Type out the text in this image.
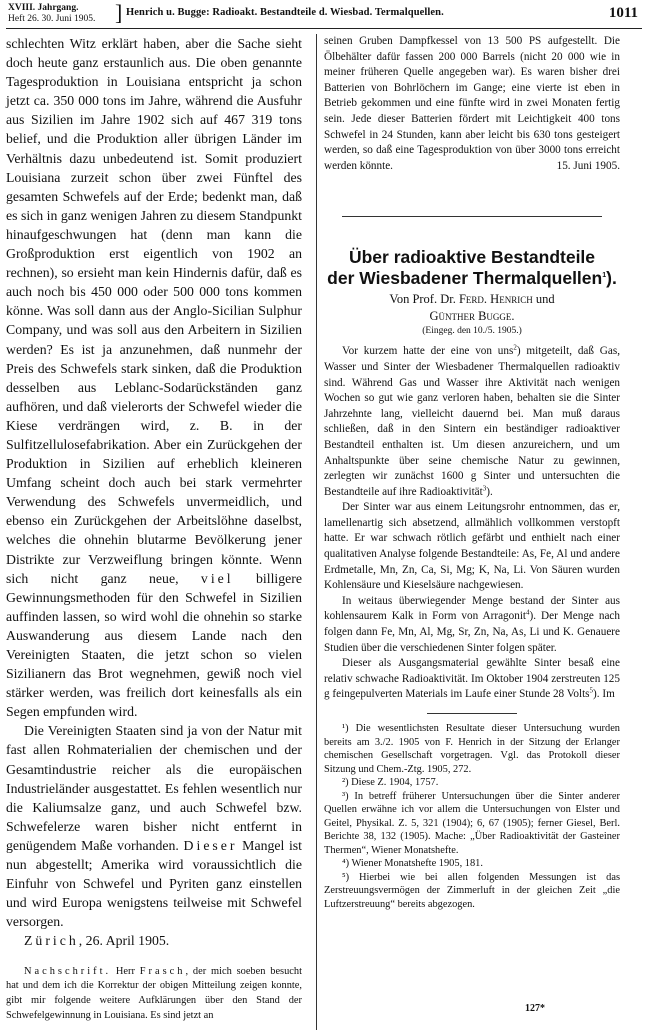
XVIII. Jahrgang.
Heft 26. 30. Juni 1905. ] Henrich u. Bugge: Radioakt. Bestandteile d. Wiesbad. Termalquellen.	1011

schlechten Witz erklärt haben, aber die Sache sieht doch heute ganz erstaunlich aus. Die oben genannte Tagesproduktion in Louisiana entspricht ja schon jetzt ca. 350 000 tons im Jahre, während die Ausfuhr aus Sizilien im Jahre 1902 sich auf 467 319 tons belief, und die Produktion aller übrigen Länder im Verhältnis dazu unbedeutend ist. Somit produziert Louisiana zurzeit schon über zwei Fünftel des gesamten Schwefels auf der Erde; bedenkt man, daß es sich in ganz wenigen Jahren zu diesem Standpunkt hinaufgeschwungen hat (denn man kann die Großproduktion erst eigentlich von 1902 an rechnen), so ersieht man kein Hindernis dafür, daß es auch noch bis 450 000 oder 500 000 tons kommen könne. Was soll dann aus der Anglo-Sicilian Sulphur Company, und was soll aus den Arbeitern in Sizilien werden? Es ist ja anzunehmen, daß nunmehr der Preis des Schwefels stark sinken, daß die Produktion desselben aus Leblanc-Sodarückständen ganz aufhören, und daß vielerorts der Schwefel wieder die Kiese verdrängen wird, z. B. in der Sulfitzellulosefabrikation. Aber ein Zurückgehen der Produktion in Sizilien auf erheblich kleineren Umfang scheint doch auch bei stark vermehrter Verwendung des Schwefels unvermeidlich, und ebenso ein Zurückgehen der Arbeitslöhne daselbst, welches die ohnehin blutarme Bevölkerung jener Distrikte zur Verzweiflung bringen könnte. Wenn sich nicht ganz neue, viel billigere Gewinnungsmethoden für den Schwefel in Sizilien auffinden lassen, so wird wohl die ohnehin so starke Auswanderung aus diesem Lande nach den Vereinigten Staaten, die jetzt schon so vielen Sizilianern das Brot wegnehmen, gewiß noch viel stärker werden, was freilich dort keinesfalls als ein Segen empfunden wird.

Die Vereinigten Staaten sind ja von der Natur mit fast allen Rohmaterialien der chemischen und der Gesamtindustrie reicher als die europäischen Industrieländer ausgestattet. Es fehlen wesentlich nur die Kaliumsalze ganz, und auch Schwefel bzw. Schwefelerze waren bisher nicht entfernt in genügendem Maße vorhanden. Dieser Mangel ist nun abgestellt; Amerika wird voraussichtlich die Einfuhr von Schwefel und Pyriten ganz einstellen und wird Europa wenigstens teilweise mit Schwefel versorgen.

Zürich, 26. April 1905.

Nachschrift. Herr Frasch, der mich soeben besucht hat und dem ich die Korrektur der obigen Mitteilung zeigen konnte, gibt mir folgende weitere Aufklärungen über den Stand der Schwefelgewinnung in Louisiana. Es sind jetzt an

seinen Gruben Dampfkessel von 13 500 PS aufgestellt. Die Ölbehälter dafür fassen 200 000 Barrels (nicht 20 000 wie in meiner früheren Quelle angegeben war). Es waren bisher drei Batterien von Bohrlöchern im Gange; eine vierte ist eben in Betrieb gekommen und eine fünfte wird in zwei Monaten fertig sein. Jede dieser Batterien fördert mit Leichtigkeit 400 tons Schwefel in 24 Stunden, kann aber leicht bis 630 tons gesteigert werden, so daß eine Tagesproduktion von über 3000 tons erreicht werden könnte.	15. Juni 1905.

Über radioaktive Bestandteile
der Wiesbadener Thermalquellen$^1$).
Von Prof. Dr. Ferd. Henrich und
Günther Bugge.
(Eingeg. den 10./5. 1905.)

Vor kurzem hatte der eine von uns$^2$) mitgeteilt, daß Gas, Wasser und Sinter der Wiesbadener Thermalquellen radioaktiv sind. Während Gas und Wasser ihre Aktivität nach wenigen Wochen so gut wie ganz verloren haben, behalten sie die Sinter Jahrzehnte lang, vielleicht dauernd bei. Man muß daraus schließen, daß in den Sintern ein beständiger radioaktiver Bestandteil enthalten ist. Um diesen anzureichern, und um Anhaltspunkte über seine chemische Natur zu gewinnen, zerlegten wir zunächst 1600 g Sinter und untersuchten die Bestandteile auf ihre Radioaktivität$^3$).

Der Sinter war aus einem Leitungsrohr entnommen, das er, lamellenartig sich absetzend, allmählich vollkommen verstopft hatte. Er war schwach rötlich gefärbt und enthielt nach einer qualitativen Analyse folgende Bestandteile: As, Fe, Al und andere Erdmetalle, Mn, Zn, Ca, Si, Mg; K, Na, Li. Von Säuren wurden Kohlensäure und Kieselsäure nachgewiesen.

In weitaus überwiegender Menge bestand der Sinter aus kohlensaurem Kalk in Form von Arragonit$^4$). Der Menge nach folgen dann Fe, Mn, Al, Mg, Sr, Zn, Na, As, Li und K. Genauere Studien über die verschiedenen Sinter folgen später.

Dieser als Ausgangsmaterial gewählte Sinter besaß eine relativ schwache Radioaktivität. Im Oktober 1904 zerstreuten 125 g feingepulverten Materials im Laufe einer Stunde 28 Volts$^5$). Im

¹) Die wesentlichsten Resultate dieser Untersuchung wurden bereits am 3./2. 1905 von F. Henrich in der Sitzung der Erlanger chemischen Gesellschaft vorgetragen. Vgl. das Protokoll dieser Sitzung und Chem.-Ztg. 1905, 272.

²) Diese Z. 1904, 1757.

³) In betreff früherer Untersuchungen über die Sinter anderer Quellen erwähne ich vor allem die Untersuchungen von Elster und Geitel, Physikal. Z. 5, 321 (1904); 6, 67 (1905); ferner Giesel, Berl. Berichte 38, 132 (1905). Mache: „Über Radioaktivität der Gasteiner Thermen“, Wiener Monatshefte.

⁴) Wiener Monatshefte 1905, 181.

⁵) Hierbei wie bei allen folgenden Messungen ist das Zerstreuungsvermögen der Zimmerluft in der gleichen Zeit „die Luftzerstreuung“ bereits abgezogen.

127*
